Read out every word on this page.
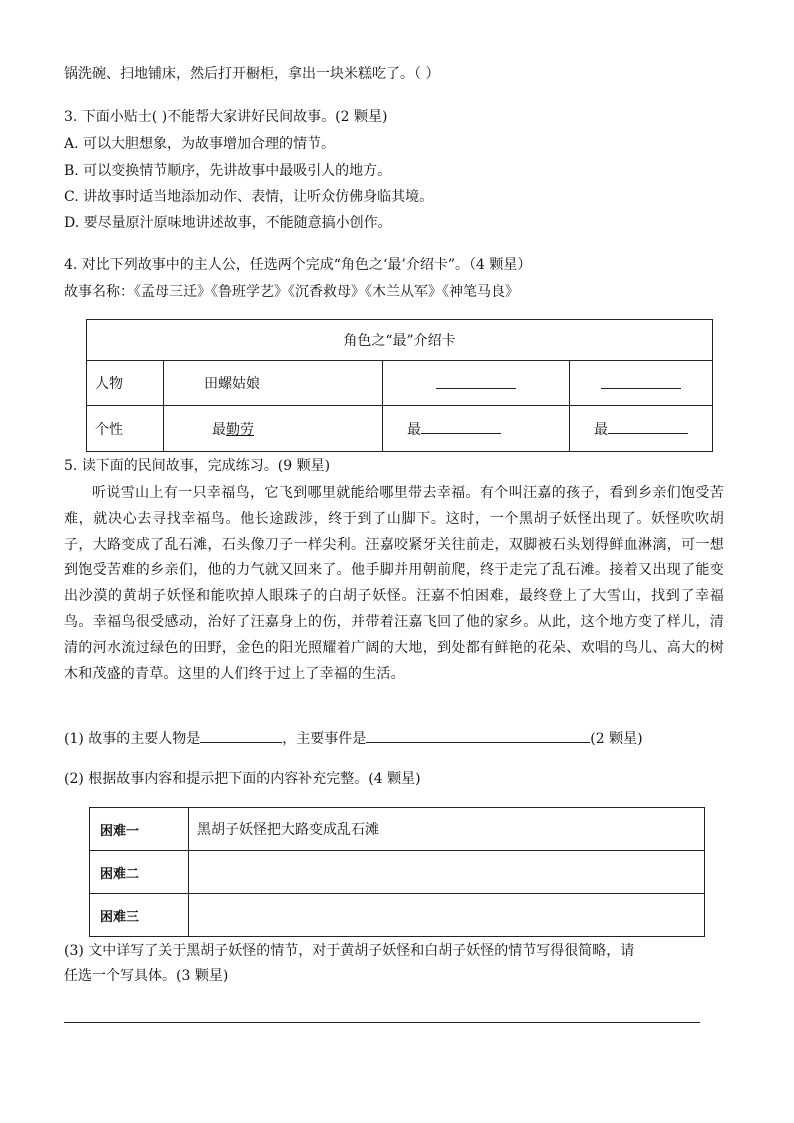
锅洗碗、扫地铺床，然后打开橱柜，拿出一块米糕吃了。（ ）
3. 下面小贴士( )不能帮大家讲好民间故事。(2 颗星)
A. 可以大胆想象，为故事增加合理的情节。
B. 可以变换情节顺序，先讲故事中最吸引人的地方。
C. 讲故事时适当地添加动作、表情，让听众仿佛身临其境。
D. 要尽量原汁原味地讲述故事，不能随意搞小创作。
4. 对比下列故事中的主人公，任选两个完成“角色之‘最’介绍卡”。（4 颗星）
故事名称：《孟母三迁》《鲁班学艺》《沉香救母》《木兰从军》《神笔马良》
角色之“最”介绍卡			
人物	田螺姑娘		
个性	最勤劳	最	最
5. 读下面的民间故事，完成练习。(9 颗星)

听说雪山上有一只幸福鸟，它飞到哪里就能给哪里带去幸福。有个叫汪嘉的孩子，看到乡亲们饱受苦难，就决心去寻找幸福鸟。他长途跋涉，终于到了山脚下。这时，一个黑胡子妖怪出现了。妖怪吹吹胡子，大路变成了乱石滩，石头像刀子一样尖利。汪嘉咬紧牙关往前走，双脚被石头划得鲜血淋漓，可一想到饱受苦难的乡亲们，他的力气就又回来了。他手脚并用朝前爬，终于走完了乱石滩。接着又出现了能变出沙漠的黄胡子妖怪和能吹掉人眼珠子的白胡子妖怪。汪嘉不怕困难，最终登上了大雪山，找到了幸福鸟。幸福鸟很受感动，治好了汪嘉身上的伤，并带着汪嘉飞回了他的家乡。从此，这个地方变了样儿，清清的河水流过绿色的田野，金色的阳光照耀着广阔的大地，到处都有鲜艳的花朵、欢唱的鸟儿、高大的树木和茂盛的青草。这里的人们终于过上了幸福的生活。

(1) 故事的主要人物是	，主要事件是	(2 颗星)
(2) 根据故事内容和提示把下面的内容补充完整。(4 颗星)
困难一	黑胡子妖怪把大路变成乱石滩
困难二	
困难三	
(3) 文中详写了关于黑胡子妖怪的情节，对于黄胡子妖怪和白胡子妖怪的情节写得很简略，请
任选一个写具体。(3 颗星)
